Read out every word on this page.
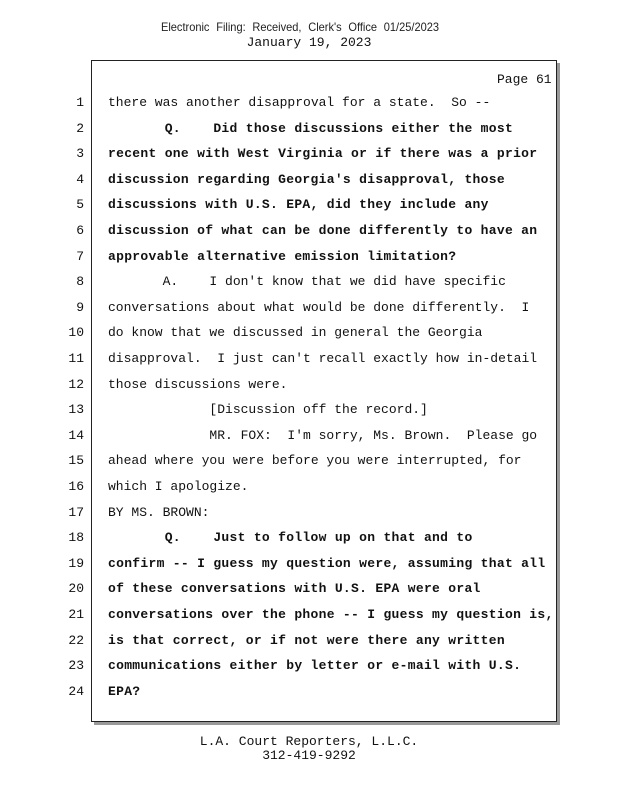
Electronic Filing: Received, Clerk's Office 01/25/2023
January 19, 2023
Page 61
1 there was another disapproval for a state.  So --
2 Q.    Did those discussions either the most
3 recent one with West Virginia or if there was a prior
4 discussion regarding Georgia's disapproval, those
5 discussions with U.S. EPA, did they include any
6 discussion of what can be done differently to have an
7 approvable alternative emission limitation?
8 A.    I don't know that we did have specific
9 conversations about what would be done differently.  I
10 do know that we discussed in general the Georgia
11 disapproval.  I just can't recall exactly how in-detail
12 those discussions were.
13 [Discussion off the record.]
14 MR. FOX:  I'm sorry, Ms. Brown.  Please go
15 ahead where you were before you were interrupted, for
16 which I apologize.
17 BY MS. BROWN:
18 Q.    Just to follow up on that and to
19 confirm -- I guess my question were, assuming that all
20 of these conversations with U.S. EPA were oral
21 conversations over the phone -- I guess my question is,
22 is that correct, or if not were there any written
23 communications either by letter or e-mail with U.S.
24 EPA?
L.A. Court Reporters, L.L.C.
312-419-9292
